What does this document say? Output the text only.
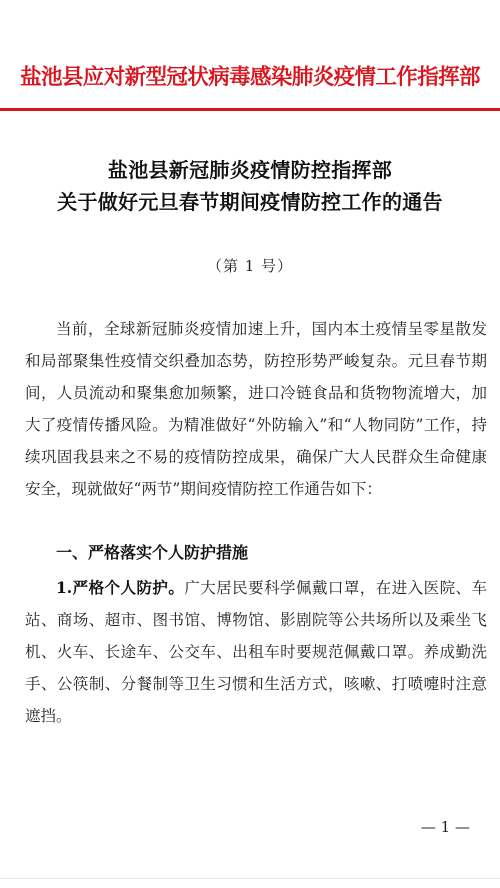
盐池县应对新型冠状病毒感染肺炎疫情工作指挥部
盐池县新冠肺炎疫情防控指挥部
关于做好元旦春节期间疫情防控工作的通告
（第 1 号）
当前，全球新冠肺炎疫情加速上升，国内本土疫情呈零星散发和局部聚集性疫情交织叠加态势，防控形势严峻复杂。元旦春节期间，人员流动和聚集愈加频繁，进口冷链食品和货物物流增大，加大了疫情传播风险。为精准做好“外防输入”和“人物同防”工作，持续巩固我县来之不易的疫情防控成果，确保广大人民群众生命健康安全，现就做好“两节”期间疫情防控工作通告如下：
一、严格落实个人防护措施
1.严格个人防护。广大居民要科学佩戴口罩，在进入医院、车站、商场、超市、图书馆、博物馆、影剧院等公共场所以及乘坐飞机、火车、长途车、公交车、出租车时要规范佩戴口罩。养成勤洗手、公筷制、分餐制等卫生习惯和生活方式，咳嗽、打喷嚏时注意遮挡。
— 1 —
